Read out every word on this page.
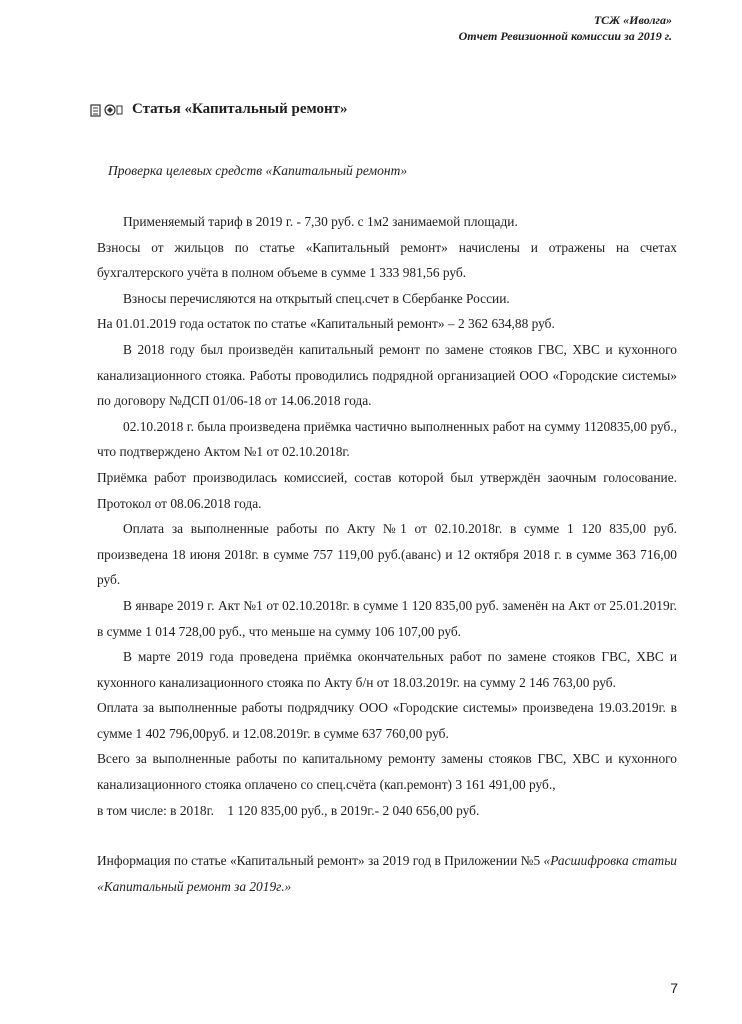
ТСЖ «Иволга»
Отчет Ревизионной комиссии за 2019 г.
Статья «Капитальный ремонт»
Проверка целевых средств «Капитальный ремонт»

Применяемый тариф в 2019 г. - 7,30 руб. с 1м2 занимаемой площади.

Взносы от жильцов по статье «Капитальный ремонт» начислены и отражены на счетах бухгалтерского учёта в полном объеме в сумме 1 333 981,56 руб.

Взносы перечисляются на открытый спец.счет в Сбербанке России.

На 01.01.2019 года остаток по статье «Капитальный ремонт» – 2 362 634,88 руб.

В 2018 году был произведён капитальный ремонт по замене стояков ГВС, ХВС и кухонного канализационного стояка. Работы проводились подрядной организацией ООО «Городские системы» по договору №ДСП 01/06-18 от 14.06.2018 года.

02.10.2018 г. была произведена приёмка частично выполненных работ на сумму 1120835,00 руб., что подтверждено Актом №1 от 02.10.2018г.

Приёмка работ производилась комиссией, состав которой был утверждён заочным голосование. Протокол от 08.06.2018 года.

Оплата за выполненные работы по Акту №1 от 02.10.2018г. в сумме 1 120 835,00 руб. произведена 18 июня 2018г. в сумме 757 119,00 руб.(аванс) и 12 октября 2018 г. в сумме 363 716,00 руб.

В январе 2019 г. Акт №1 от 02.10.2018г. в сумме 1 120 835,00 руб. заменён на Акт от 25.01.2019г. в сумме 1 014 728,00 руб., что меньше на сумму 106 107,00 руб.

В марте 2019 года проведена приёмка окончательных работ по замене стояков ГВС, ХВС и кухонного канализационного стояка по Акту б/н от 18.03.2019г. на сумму 2 146 763,00 руб.

Оплата за выполненные работы подрядчику ООО «Городские системы» произведена 19.03.2019г. в сумме 1 402 796,00руб. и 12.08.2019г. в сумме 637 760,00 руб.

Всего за выполненные работы по капитальному ремонту замены стояков ГВС, ХВС и кухонного канализационного стояка оплачено со спец.счёта (кап.ремонт) 3 161 491,00 руб.,

в том числе: в 2018г.    1 120 835,00 руб., в 2019г.- 2 040 656,00 руб.

Информация по статье «Капитальный ремонт» за 2019 год в Приложении №5 «Расшифровка статьи «Капитальный ремонт за 2019г.»

7
